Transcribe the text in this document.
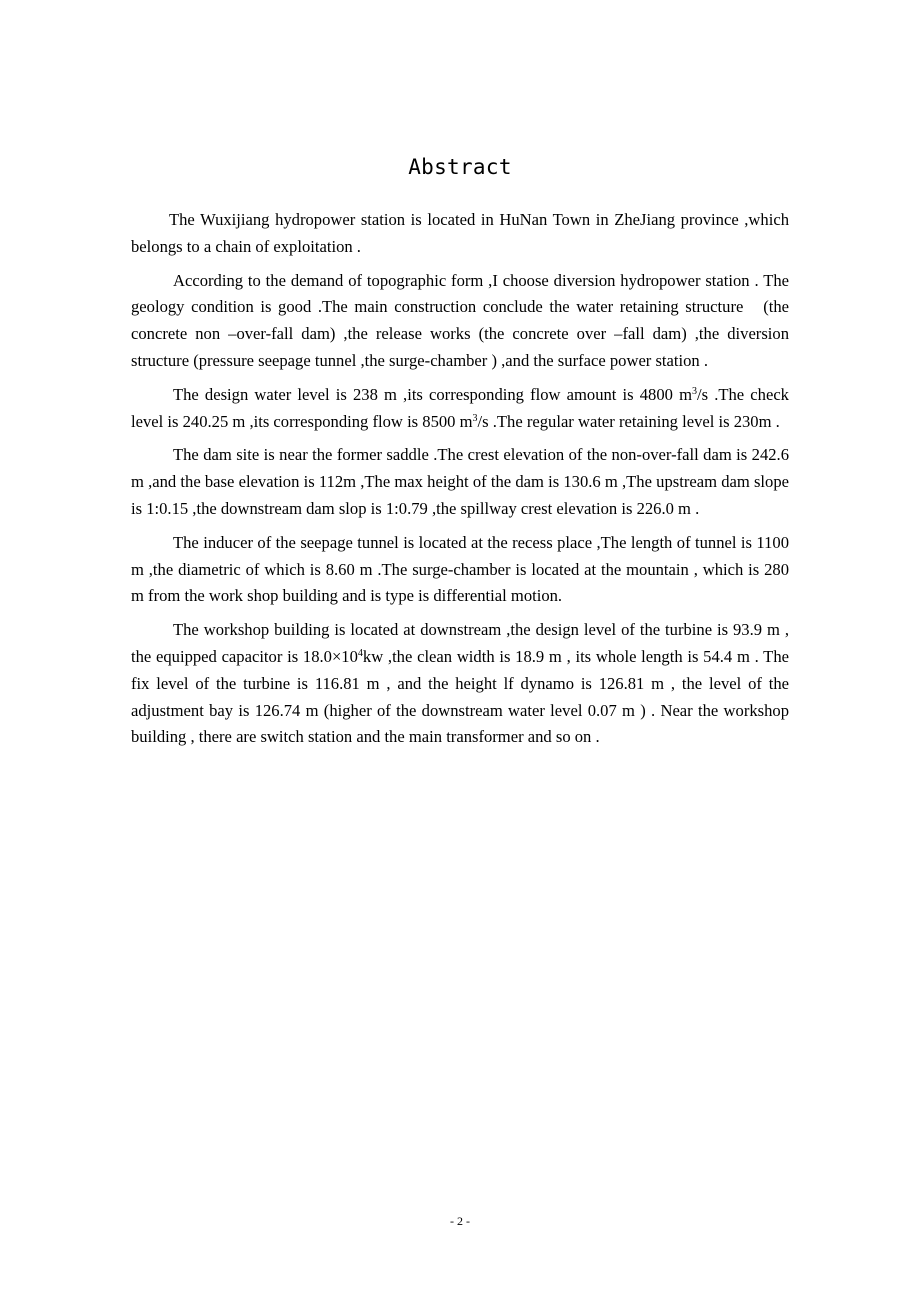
Abstract

The Wuxijiang hydropower station is located in HuNan Town in ZheJiang province ,which belongs to a chain of exploitation .

According to the demand of topographic form ,I choose diversion hydropower station . The geology condition is good .The main construction conclude the water retaining structure   (the concrete non –over-fall dam) ,the release works (the concrete over –fall dam) ,the diversion structure (pressure seepage tunnel ,the surge-chamber ) ,and the surface power station .

The design water level is 238 m ,its corresponding flow amount is 4800 $m^3/s$ .The check level is 240.25 m ,its corresponding flow is 8500 $m^3/s$ .The regular water retaining level is 230m .

The dam site is near the former saddle .The crest elevation of the non-over-fall dam is 242.6 m ,and the base elevation is 112m ,The max height of the dam is 130.6 m ,The upstream dam slope is 1:0.15 ,the downstream dam slop is 1:0.79 ,the spillway crest elevation is 226.0 m .

The inducer of the seepage tunnel is located at the recess place ,The length of tunnel is 1100 m ,the diametric of which is 8.60 m .The surge-chamber is located at the mountain , which is 280 m from the work shop building and is type is differential motion.

The workshop building is located at downstream ,the design level of the turbine is 93.9 m , the equipped capacitor is $18.0\times 10^4kw$ ,the clean width is 18.9 m , its whole length is 54.4 m . The fix level of the turbine is 116.81 m , and the height lf dynamo is 126.81 m , the level of the adjustment bay is 126.74 m (higher of the downstream water level 0.07 m ) . Near the workshop building , there are switch station and the main transformer and so on .

- 2 -
